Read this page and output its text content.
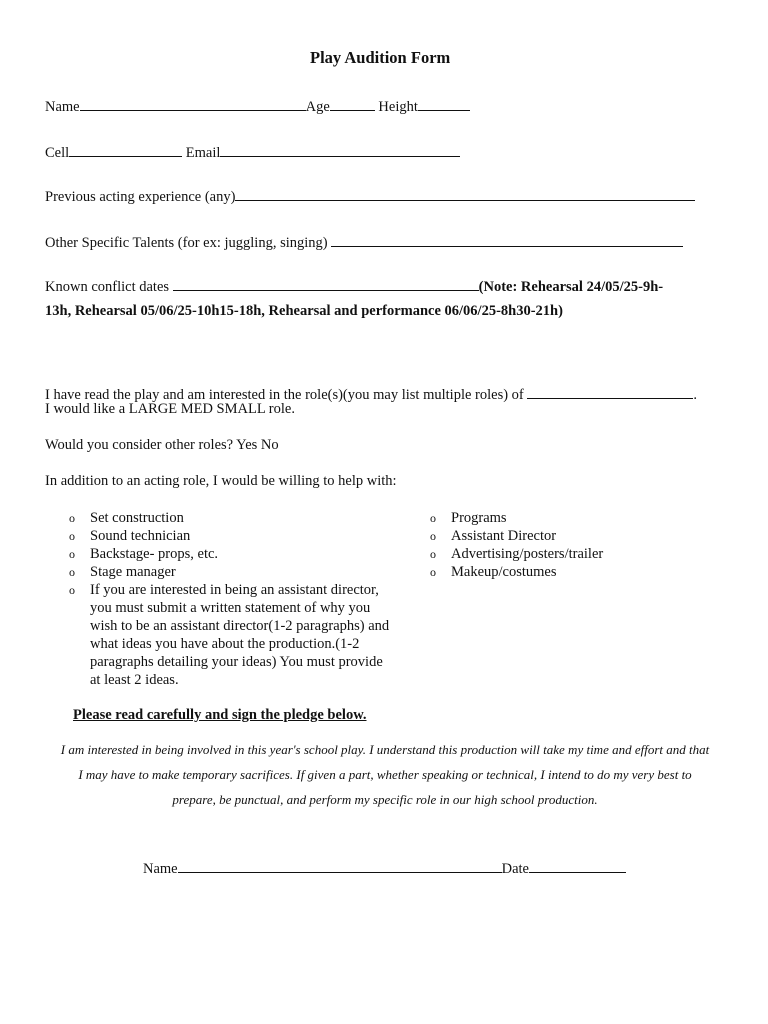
Play Audition Form
Name	Age	Height
Cell	Email
Previous acting experience (any)
Other Specific Talents (for ex: juggling, singing)
Known conflict dates	(Note: Rehearsal 24/05/25-9h-
13h, Rehearsal 05/06/25-10h15-18h, Rehearsal and performance 06/06/25-8h30-21h)
I have read the play and am interested in the role(s)(you may list multiple roles) of	.
I would like a LARGE MED SMALL role.
Would you consider other roles? Yes No
In addition to an acting role, I would be willing to help with:
o Set construction
o Sound technician
o Backstage- props, etc.
o Stage manager
o If you are interested in being an assistant director, you must submit a written statement of why you wish to be an assistant director(1-2 paragraphs) and what ideas you have about the production.(1-2 paragraphs detailing your ideas) You must provide at least 2 ideas.
o Programs
o Assistant Director
o Advertising/posters/trailer
o Makeup/costumes
Please read carefully and sign the pledge below.
I am interested in being involved in this year's school play. I understand this production will take my time and effort and that I may have to make temporary sacrifices. If given a part, whether speaking or technical, I intend to do my very best to prepare, be punctual, and perform my specific role in our high school production.
Name	Date
